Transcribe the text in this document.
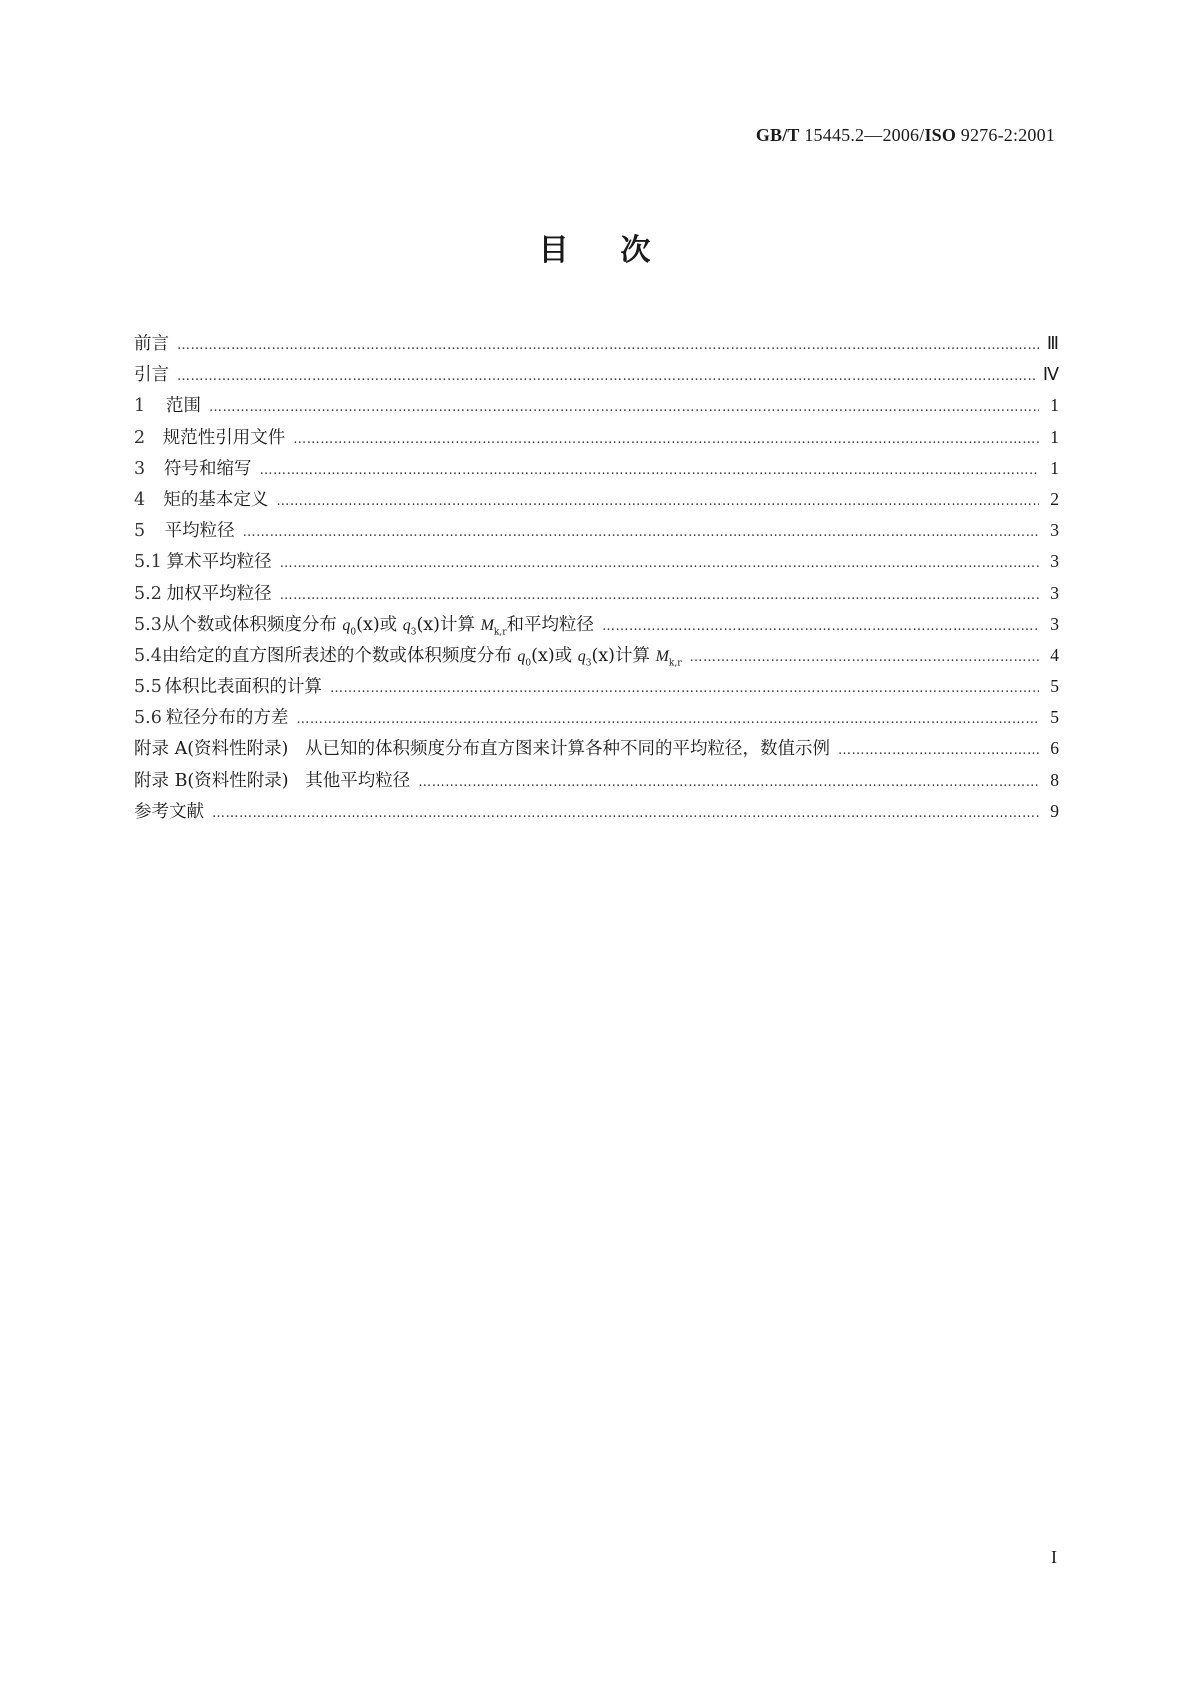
GB/T 15445.2—2006/ISO 9276-2:2001
目    次
前言 …………………………………………………………………………………………………………………………………………………………………………………………………………………………………………………………………………	Ⅲ
引言 …………………………………………………………………………………………………………………………………………………………………………………………………………………………………………………………………………	Ⅳ
1	范围 …………………………………………………………………………………………………………………………………………………………………………………………………………………………………………………………………………	1
2	规范性引用文件 …………………………………………………………………………………………………………………………………………………………………………………………………………………………………………………………………………	1
3	符号和缩写 …………………………………………………………………………………………………………………………………………………………………………………………………………………………………………………………………………	1
4	矩的基本定义 …………………………………………………………………………………………………………………………………………………………………………………………………………………………………………………………………………	2
5	平均粒径 …………………………………………………………………………………………………………………………………………………………………………………………………………………………………………………………………………	3
5.1 算术平均粒径 …………………………………………………………………………………………………………………………………………………………………………………………………………………………………………………………………………	3
5.2 加权平均粒径 …………………………………………………………………………………………………………………………………………………………………………………………………………………………………………………………………………	3
5.3 从个数或体积频度分布 $q_0(x)$或 $q_3(x)$计算 $M_{k,r}$和平均粒径 …………………………………………………………………………………………………………………………………………………………………………………………………………………………………………………………………………	3
5.4 由给定的直方图所表述的个数或体积频度分布 $q_0(x)$或 $q_3(x)$计算 $M_{k,r}$ …………………………………………………………………………………………………………………………………………………………………………………………………………………………………………………………………………	4
5.5 体积比表面积的计算 …………………………………………………………………………………………………………………………………………………………………………………………………………………………………………………………………………	5
5.6 粒径分布的方差 …………………………………………………………………………………………………………………………………………………………………………………………………………………………………………………………………………	5
附录 A(资料性附录)   从已知的体积频度分布直方图来计算各种不同的平均粒径，数值示例 …………………………………………………………………………………………………………………………………………………………………………………………………………………………………………………………………………	6
附录 B(资料性附录)   其他平均粒径 …………………………………………………………………………………………………………………………………………………………………………………………………………………………………………………………………………	8
参考文献 …………………………………………………………………………………………………………………………………………………………………………………………………………………………………………………………………………	9
I
